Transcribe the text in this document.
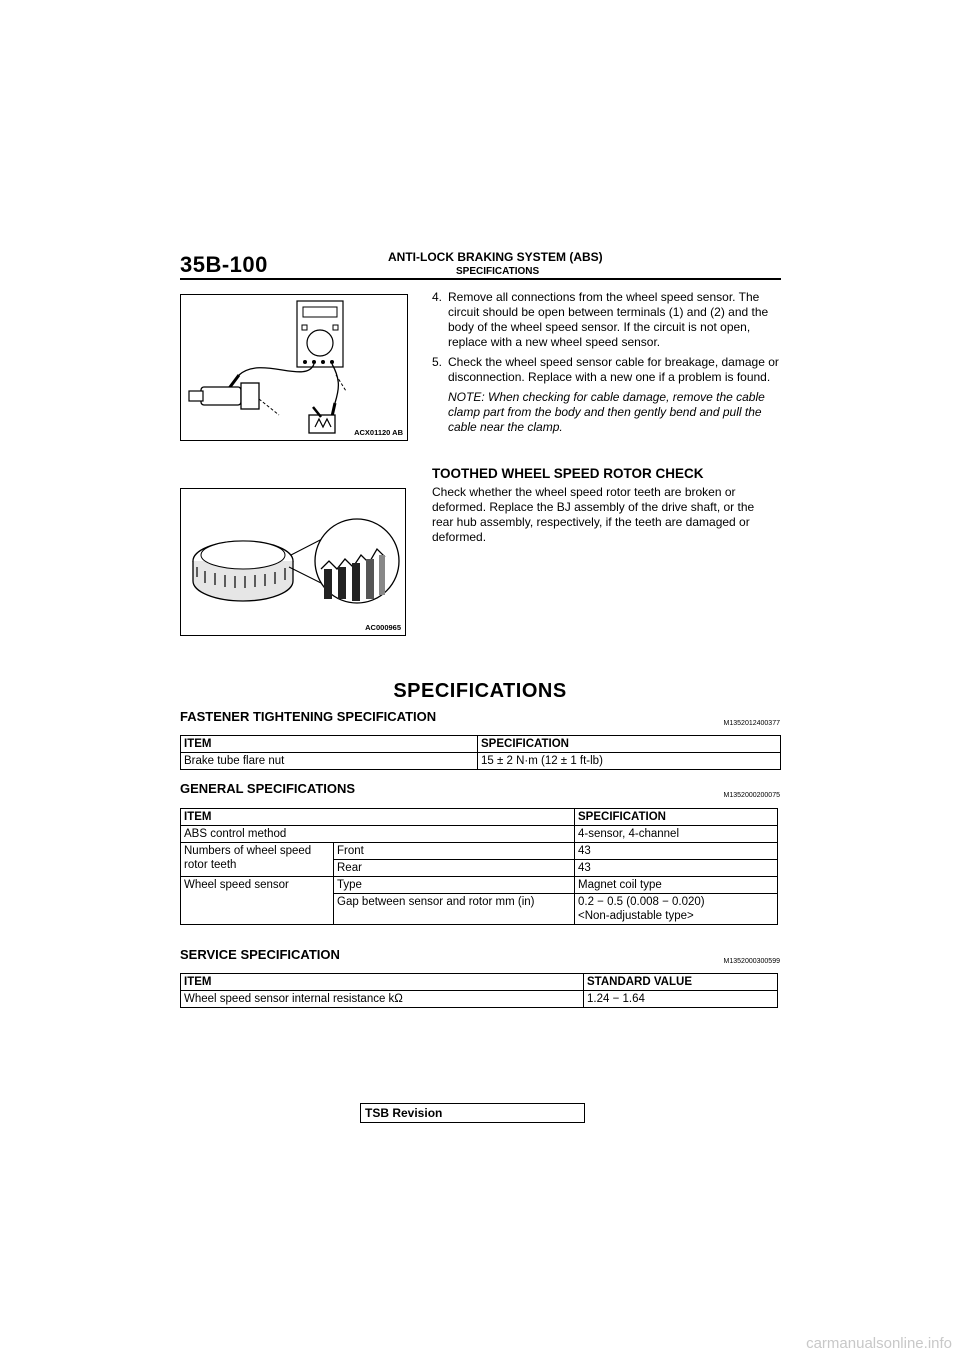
35B-100	ANTI-LOCK BRAKING SYSTEM (ABS)
SPECIFICATIONS
ACX01120 AB
4. Remove all connections from the wheel speed sensor. The circuit should be open between terminals (1) and (2) and the body of the wheel speed sensor. If the circuit is not open, replace with a new wheel speed sensor.
5. Check the wheel speed sensor cable for breakage, damage or disconnection. Replace with a new one if a problem is found.
NOTE: When checking for cable damage, remove the cable clamp part from the body and then gently bend and pull the cable near the clamp.
TOOTHED WHEEL SPEED ROTOR CHECK
Check whether the wheel speed rotor teeth are broken or deformed. Replace the BJ assembly of the drive shaft, or the rear hub assembly, respectively, if the teeth are damaged or deformed.
AC000965
SPECIFICATIONS
FASTENER TIGHTENING SPECIFICATION	M1352012400377
ITEM	SPECIFICATION
Brake tube flare nut	15 ± 2 N·m (12 ± 1 ft-lb)
GENERAL SPECIFICATIONS	M1352000200075
ITEM		SPECIFICATION
ABS control method		4-sensor, 4-channel
Numbers of wheel speed rotor teeth	Front	43
	Rear	43
Wheel speed sensor	Type	Magnet coil type
	Gap between sensor and rotor mm (in)	0.2 − 0.5 (0.008 − 0.020)
<Non-adjustable type>
SERVICE SPECIFICATION	M1352000300599
ITEM	STANDARD VALUE
Wheel speed sensor internal resistance kΩ	1.24 − 1.64
TSB Revision
carmanualsonline.info
